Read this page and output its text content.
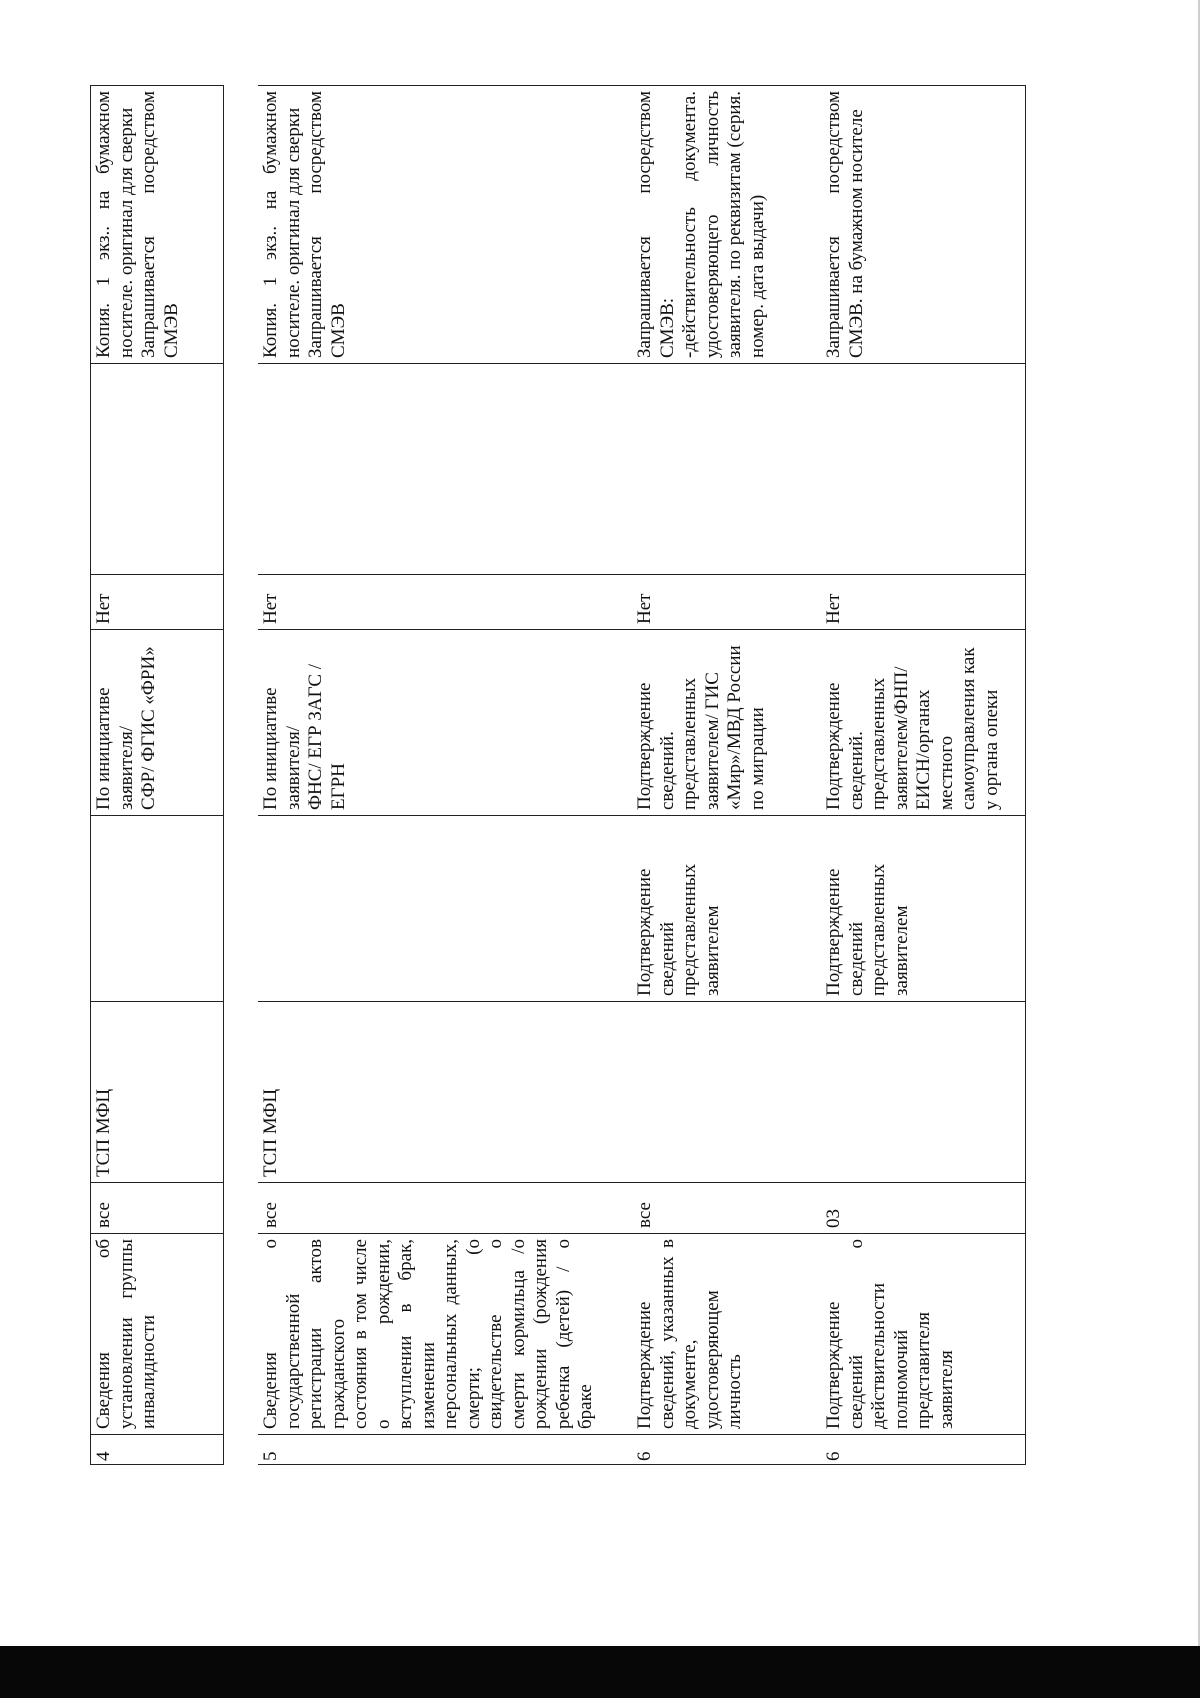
4	Сведения об установлении группы инвалидности	все	ТСП МФЦ		По инициативе заявителя/
СФР/ ФГИС «ФРИ»	Нет		Копия. 1 экз.. на бумажном носителе. оригинал для сверки
Запрашивается посредством СМЭВ

5	Сведения о государственной регистрации актов гражданского состояния в том числе о рождении, вступлении в брак, изменении персональных данных, смерти; (о свидетельстве о смерти кормильца /о рождении (рождения ребенка (детей) / о браке	все	ТСП МФЦ		По инициативе заявителя/
ФНС/ ЕГР ЗАГС / ЕГРН	Нет		Копия. 1 экз.. на бумажном носителе. оригинал для сверки
Запрашивается посредством СМЭВ

6	Подтверждение сведений, указанных в документе, удостоверяющем личность	все		Подтверждение сведений представленных заявителем	Подтверждение сведений. представленных заявителем/ ГИС «Мир»/МВД России по миграции	Нет		Запрашивается посредством СМЭВ:
-действительность документа. удостоверяющего личность заявителя. по реквизитам (серия. номер. дата выдачи)

6	Подтверждение сведений о действительности полномочий представителя заявителя	03		Подтверждение сведений представленных заявителем	Подтверждение сведений. представленных заявителем/ФНП/ ЕИСН/органах местного самоуправления как у органа опеки	Нет		Запрашивается посредством СМЭВ. на бумажном носителе
